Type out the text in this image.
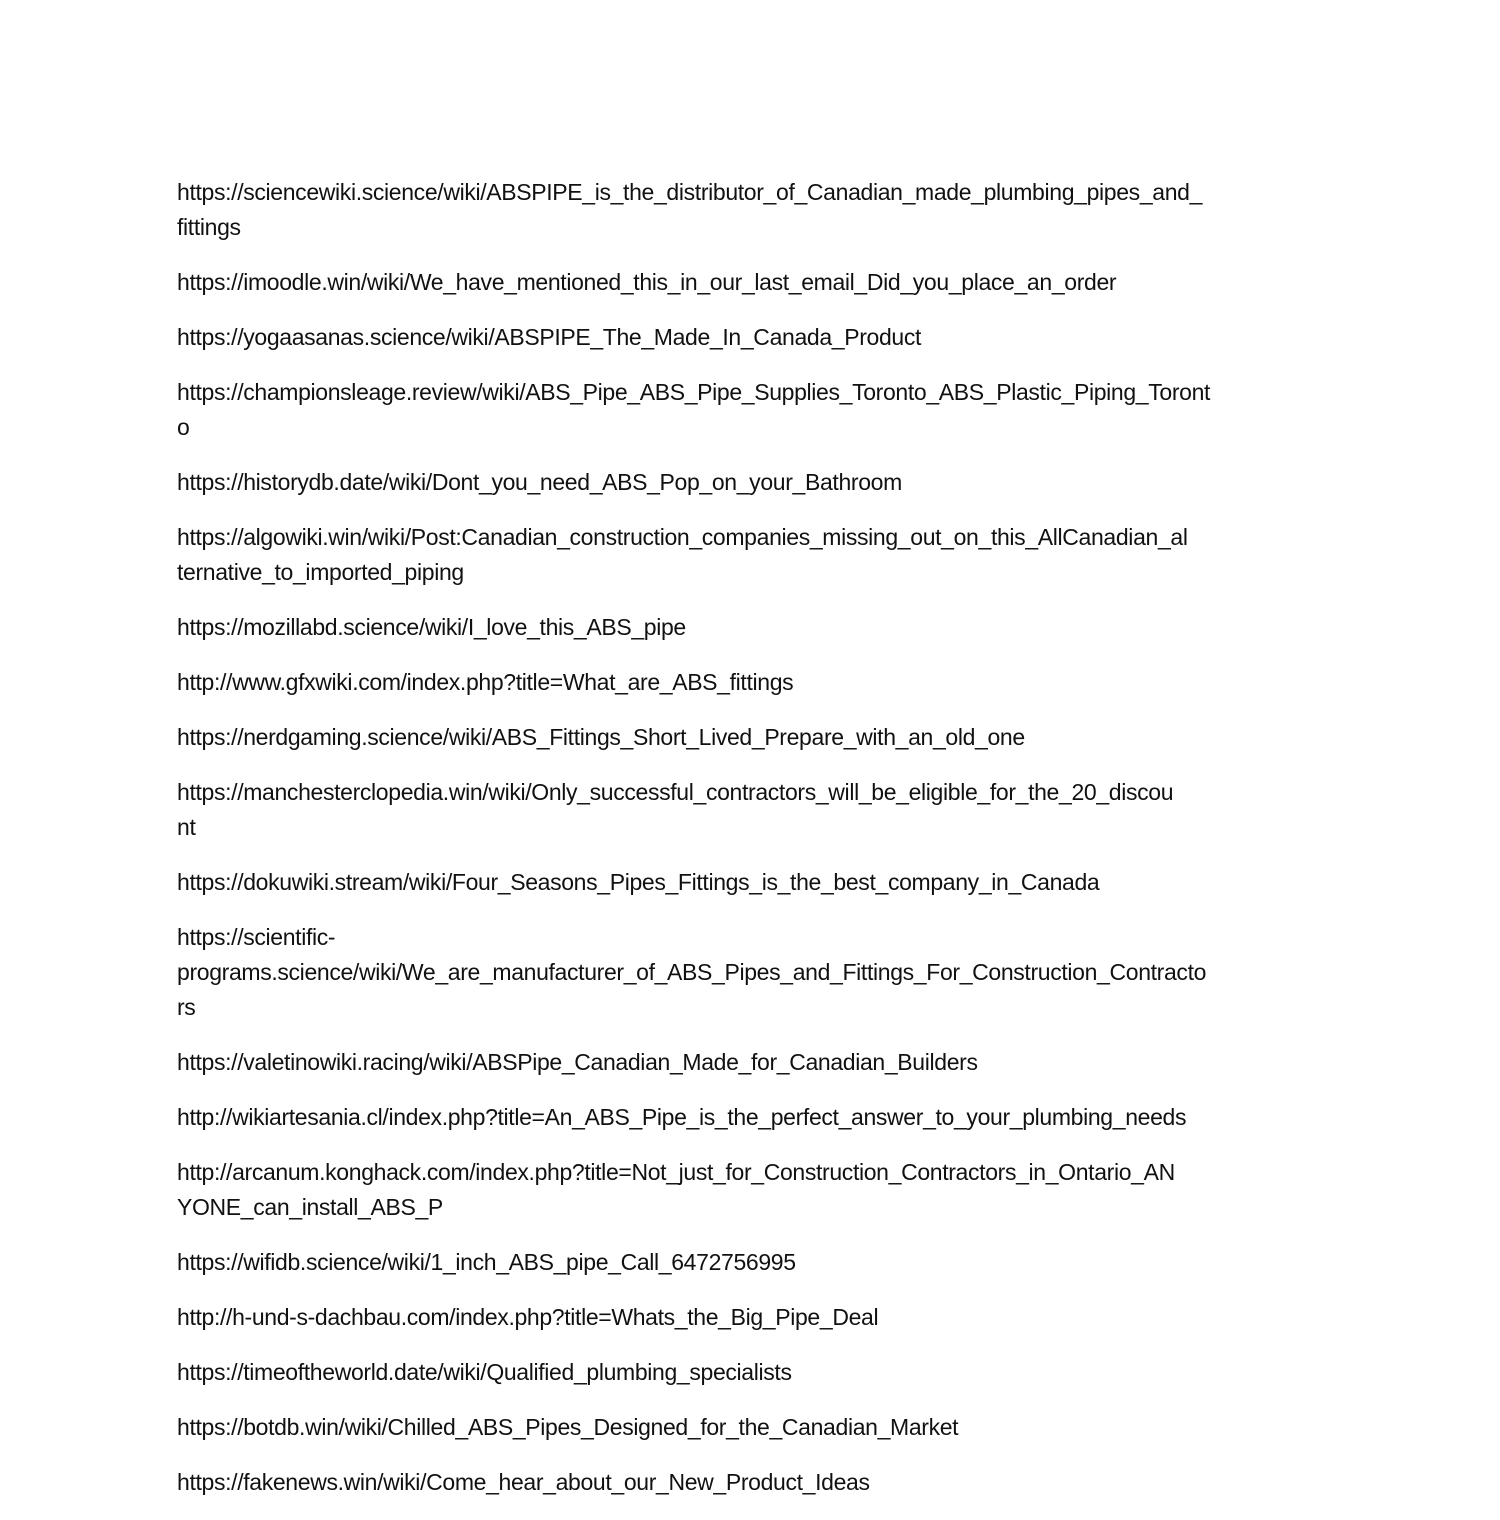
https://sciencewiki.science/wiki/ABSPIPE_is_the_distributor_of_Canadian_made_plumbing_pipes_and_
fittings

https://imoodle.win/wiki/We_have_mentioned_this_in_our_last_email_Did_you_place_an_order

https://yogaasanas.science/wiki/ABSPIPE_The_Made_In_Canada_Product

https://championsleage.review/wiki/ABS_Pipe_ABS_Pipe_Supplies_Toronto_ABS_Plastic_Piping_Toront
o

https://historydb.date/wiki/Dont_you_need_ABS_Pop_on_your_Bathroom

https://algowiki.win/wiki/Post:Canadian_construction_companies_missing_out_on_this_AllCanadian_al
ternative_to_imported_piping

https://mozillabd.science/wiki/I_love_this_ABS_pipe

http://www.gfxwiki.com/index.php?title=What_are_ABS_fittings

https://nerdgaming.science/wiki/ABS_Fittings_Short_Lived_Prepare_with_an_old_one

https://manchesterclopedia.win/wiki/Only_successful_contractors_will_be_eligible_for_the_20_discou
nt

https://dokuwiki.stream/wiki/Four_Seasons_Pipes_Fittings_is_the_best_company_in_Canada

https://scientific-
programs.science/wiki/We_are_manufacturer_of_ABS_Pipes_and_Fittings_For_Construction_Contracto
rs

https://valetinowiki.racing/wiki/ABSPipe_Canadian_Made_for_Canadian_Builders

http://wikiartesania.cl/index.php?title=An_ABS_Pipe_is_the_perfect_answer_to_your_plumbing_needs

http://arcanum.konghack.com/index.php?title=Not_just_for_Construction_Contractors_in_Ontario_AN
YONE_can_install_ABS_P

https://wifidb.science/wiki/1_inch_ABS_pipe_Call_6472756995

http://h-und-s-dachbau.com/index.php?title=Whats_the_Big_Pipe_Deal

https://timeoftheworld.date/wiki/Qualified_plumbing_specialists

https://botdb.win/wiki/Chilled_ABS_Pipes_Designed_for_the_Canadian_Market

https://fakenews.win/wiki/Come_hear_about_our_New_Product_Ideas
